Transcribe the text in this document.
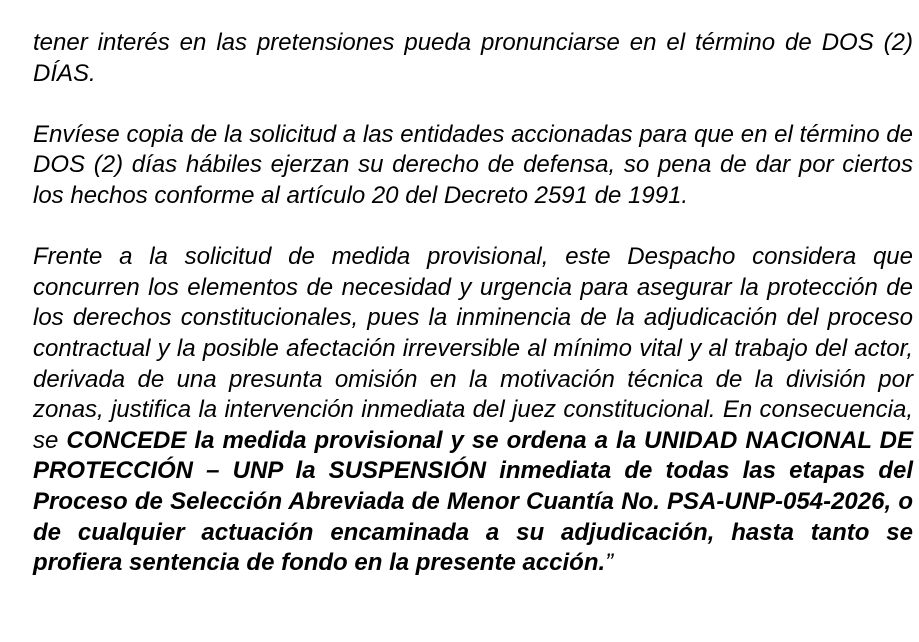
tener interés en las pretensiones pueda pronunciarse en el término de DOS (2) DÍAS.

Envíese copia de la solicitud a las entidades accionadas para que en el término de DOS (2) días hábiles ejerzan su derecho de defensa, so pena de dar por ciertos los hechos conforme al artículo 20 del Decreto 2591 de 1991.

Frente a la solicitud de medida provisional, este Despacho considera que concurren los elementos de necesidad y urgencia para asegurar la protección de los derechos constitucionales, pues la inminencia de la adjudicación del proceso contractual y la posible afectación irreversible al mínimo vital y al trabajo del actor, derivada de una presunta omisión en la motivación técnica de la división por zonas, justifica la intervención inmediata del juez constitucional. En consecuencia, se CONCEDE la medida provisional y se ordena a la UNIDAD NACIONAL DE PROTECCIÓN – UNP la SUSPENSIÓN inmediata de todas las etapas del Proceso de Selección Abreviada de Menor Cuantía No. PSA-UNP-054-2026, o de cualquier actuación encaminada a su adjudicación, hasta tanto se profiera sentencia de fondo en la presente acción.”
